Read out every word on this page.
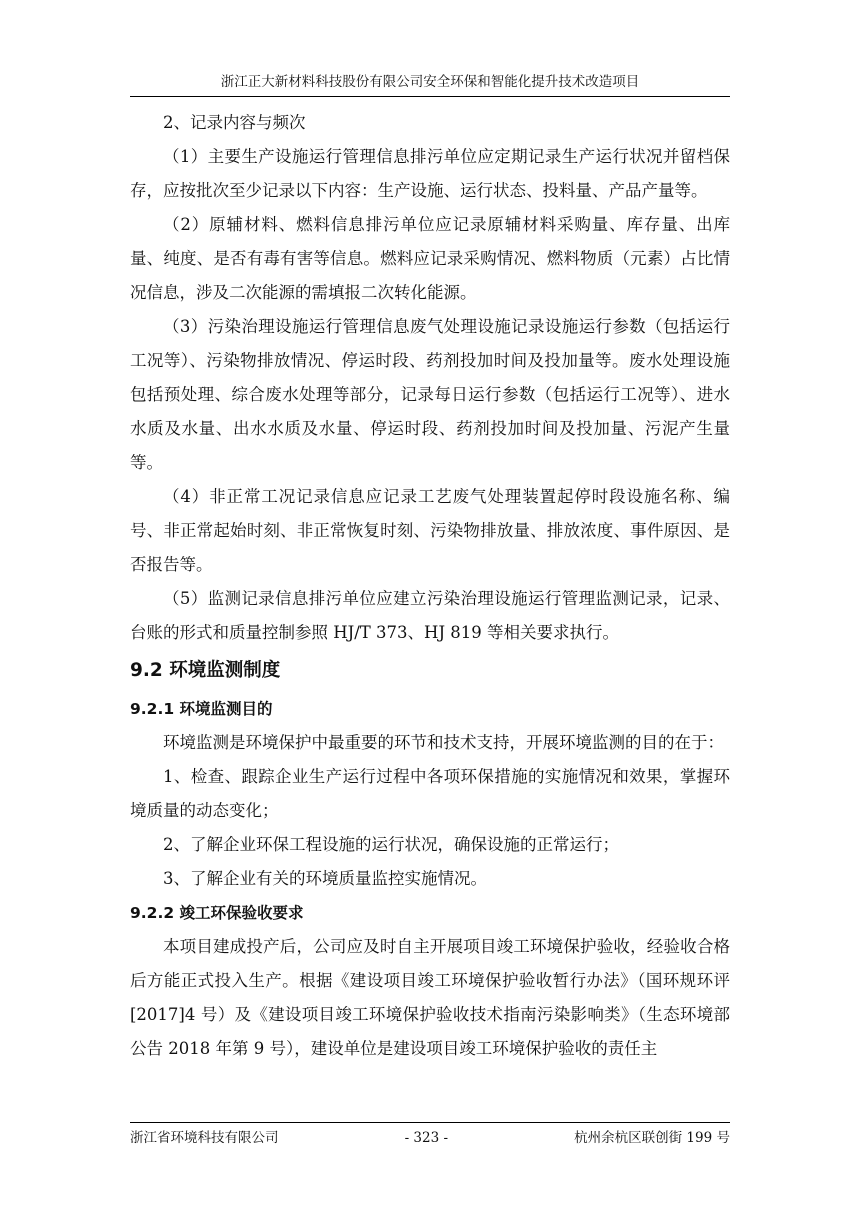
浙江正大新材料科技股份有限公司安全环保和智能化提升技术改造项目

2、记录内容与频次

（1）主要生产设施运行管理信息排污单位应定期记录生产运行状况并留档保存，应按批次至少记录以下内容：生产设施、运行状态、投料量、产品产量等。

（2）原辅材料、燃料信息排污单位应记录原辅材料采购量、库存量、出库量、纯度、是否有毒有害等信息。燃料应记录采购情况、燃料物质（元素）占比情况信息，涉及二次能源的需填报二次转化能源。

（3）污染治理设施运行管理信息废气处理设施记录设施运行参数（包括运行工况等）、污染物排放情况、停运时段、药剂投加时间及投加量等。废水处理设施包括预处理、综合废水处理等部分，记录每日运行参数（包括运行工况等）、进水水质及水量、出水水质及水量、停运时段、药剂投加时间及投加量、污泥产生量等。

（4）非正常工况记录信息应记录工艺废气处理装置起停时段设施名称、编号、非正常起始时刻、非正常恢复时刻、污染物排放量、排放浓度、事件原因、是否报告等。

（5）监测记录信息排污单位应建立污染治理设施运行管理监测记录，记录、台账的形式和质量控制参照 HJ/T 373、HJ 819 等相关要求执行。

9.2 环境监测制度
9.2.1 环境监测目的

环境监测是环境保护中最重要的环节和技术支持，开展环境监测的目的在于：

1、检查、跟踪企业生产运行过程中各项环保措施的实施情况和效果，掌握环境质量的动态变化；

2、了解企业环保工程设施的运行状况，确保设施的正常运行；

3、了解企业有关的环境质量监控实施情况。

9.2.2 竣工环保验收要求

本项目建成投产后，公司应及时自主开展项目竣工环境保护验收，经验收合格后方能正式投入生产。根据《建设项目竣工环境保护验收暂行办法》（国环规环评[2017]4 号）及《建设项目竣工环境保护验收技术指南污染影响类》（生态环境部公告 2018 年第 9 号），建设单位是建设项目竣工环境保护验收的责任主

浙江省环境科技有限公司	- 323 -	杭州余杭区联创街 199 号
